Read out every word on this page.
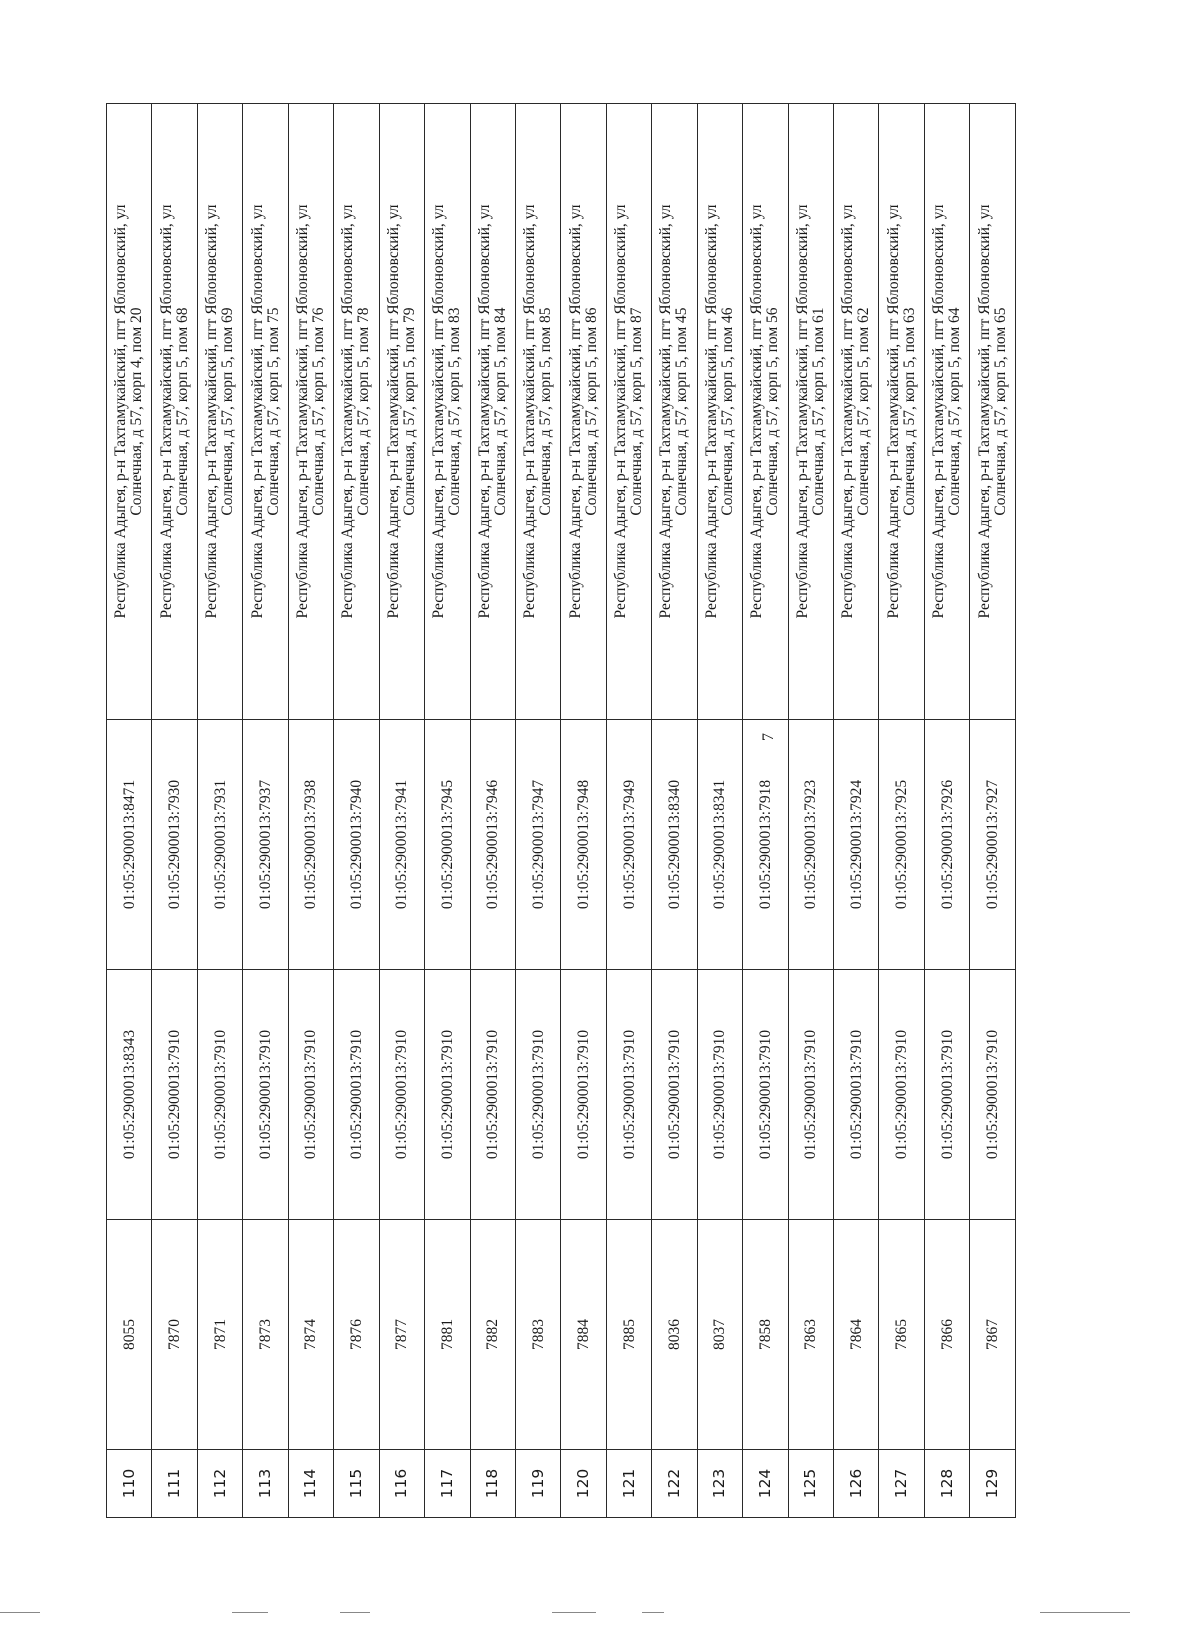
110	8055	01:05:2900013:8343	01:05:2900013:8471	Республика Адыгея, р-н Тахтамукайский, пгт Яблоновский, ул Солнечная, д 57, корп 4, пом 20

111	7870	01:05:2900013:7910	01:05:2900013:7930	Республика Адыгея, р-н Тахтамукайский, пгт Яблоновский, ул Солнечная, д 57, корп 5, пом 68

112	7871	01:05:2900013:7910	01:05:2900013:7931	Республика Адыгея, р-н Тахтамукайский, пгт Яблоновский, ул Солнечная, д 57, корп 5, пом 69

113	7873	01:05:2900013:7910	01:05:2900013:7937	Республика Адыгея, р-н Тахтамукайский, пгт Яблоновский, ул Солнечная, д 57, корп 5, пом 75

114	7874	01:05:2900013:7910	01:05:2900013:7938	Республика Адыгея, р-н Тахтамукайский, пгт Яблоновский, ул Солнечная, д 57, корп 5, пом 76

115	7876	01:05:2900013:7910	01:05:2900013:7940	Республика Адыгея, р-н Тахтамукайский, пгт Яблоновский, ул Солнечная, д 57, корп 5, пом 78

116	7877	01:05:2900013:7910	01:05:2900013:7941	Республика Адыгея, р-н Тахтамукайский, пгт Яблоновский, ул Солнечная, д 57, корп 5, пом 79

117	7881	01:05:2900013:7910	01:05:2900013:7945	Республика Адыгея, р-н Тахтамукайский, пгт Яблоновский, ул Солнечная, д 57, корп 5, пом 83

118	7882	01:05:2900013:7910	01:05:2900013:7946	Республика Адыгея, р-н Тахтамукайский, пгт Яблоновский, ул Солнечная, д 57, корп 5, пом 84

119	7883	01:05:2900013:7910	01:05:2900013:7947	Республика Адыгея, р-н Тахтамукайский, пгт Яблоновский, ул Солнечная, д 57, корп 5, пом 85

120	7884	01:05:2900013:7910	01:05:2900013:7948	Республика Адыгея, р-н Тахтамукайский, пгт Яблоновский, ул Солнечная, д 57, корп 5, пом 86

121	7885	01:05:2900013:7910	01:05:2900013:7949	Республика Адыгея, р-н Тахтамукайский, пгт Яблоновский, ул Солнечная, д 57, корп 5, пом 87

122	8036	01:05:2900013:7910	01:05:2900013:8340	Республика Адыгея, р-н Тахтамукайский, пгт Яблоновский, ул Солнечная, д 57, корп 5, пом 45

123	8037	01:05:2900013:7910	01:05:2900013:8341	Республика Адыгея, р-н Тахтамукайский, пгт Яблоновский, ул Солнечная, д 57, корп 5, пом 46

124	7858	01:05:2900013:7910	01:05:2900013:7918	Республика Адыгея, р-н Тахтамукайский, пгт Яблоновский, ул Солнечная, д 57, корп 5, пом 56

125	7863	01:05:2900013:7910	01:05:2900013:7923	Республика Адыгея, р-н Тахтамукайский, пгт Яблоновский, ул Солнечная, д 57, корп 5, пом 61

126	7864	01:05:2900013:7910	01:05:2900013:7924	Республика Адыгея, р-н Тахтамукайский, пгт Яблоновский, ул Солнечная, д 57, корп 5, пом 62

127	7865	01:05:2900013:7910	01:05:2900013:7925	Республика Адыгея, р-н Тахтамукайский, пгт Яблоновский, ул Солнечная, д 57, корп 5, пом 63

128	7866	01:05:2900013:7910	01:05:2900013:7926	Республика Адыгея, р-н Тахтамукайский, пгт Яблоновский, ул Солнечная, д 57, корп 5, пом 64

129	7867	01:05:2900013:7910	01:05:2900013:7927	Республика Адыгея, р-н Тахтамукайский, пгт Яблоновский, ул Солнечная, д 57, корп 5, пом 65
7
